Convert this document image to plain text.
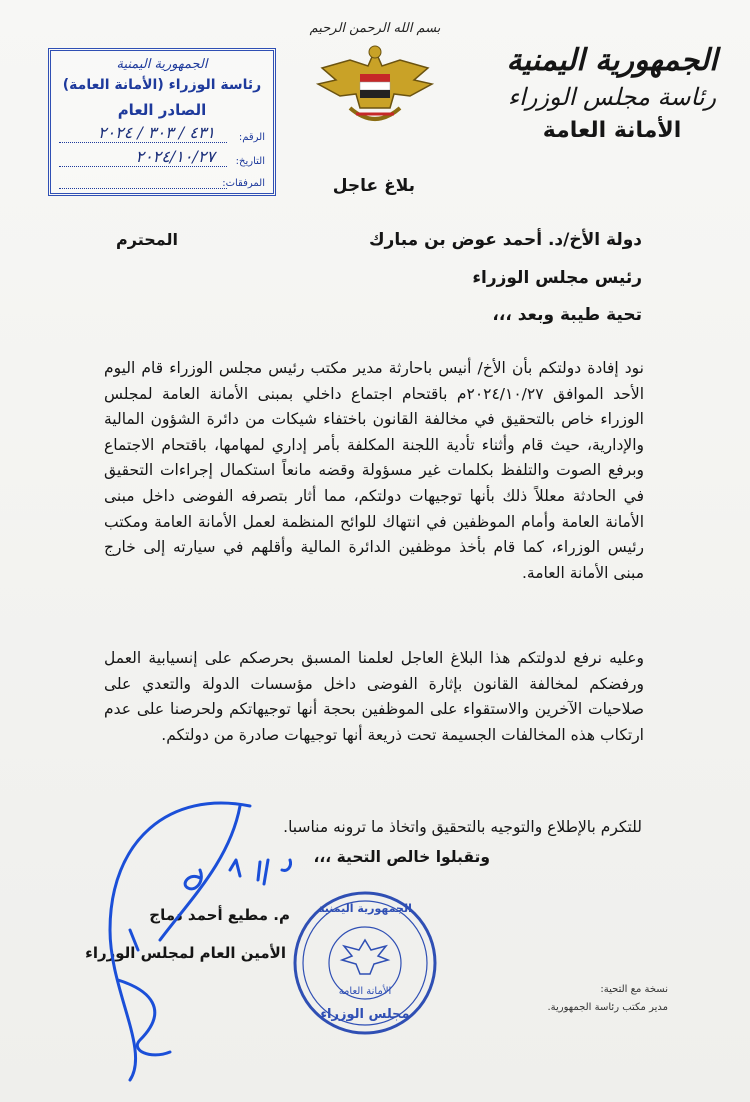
الجمهورية اليمنية
رئاسة مجلس الوزراء
الأمانة العامة
بسم الله الرحمن الرحيم
الجمهورية اليمنية
رئاسة الوزراء (الأمانة العامة)
الصادر العام
الرقم:
٤٣١ / ٣٠٣ / ٢٠٢٤
التاريخ:
٢٠٢٤/١٠/٢٧
المرفقات:	بلاغ عاجل
دولة الأخ/د. أحمد عوض بن مبارك
المحترم
رئيس مجلس الوزراء
تحية طيبة وبعد ،،،
نود إفادة دولتكم بأن الأخ/ أنيس باحارثة مدير مكتب رئيس مجلس الوزراء قام اليوم الأحد الموافق ٢٠٢٤/١٠/٢٧م باقتحام اجتماع داخلي بمبنى الأمانة العامة لمجلس الوزراء خاص بالتحقيق في مخالفة القانون باختفاء شيكات من دائرة الشؤون المالية والإدارية، حيث قام وأثناء تأدية اللجنة المكلفة بأمر إداري لمهامها، باقتحام الاجتماع وبرفع الصوت والتلفظ بكلمات غير مسؤولة وقضه مانعاً استكمال إجراءات التحقيق في الحادثة معللاً ذلك بأنها توجيهات دولتكم، مما أثار بتصرفه الفوضى داخل مبنى الأمانة العامة وأمام الموظفين في انتهاك للوائح المنظمة لعمل الأمانة العامة ومكتب رئيس الوزراء، كما قام بأخذ موظفين الدائرة المالية وأقلهم في سيارته إلى خارج مبنى الأمانة العامة.
وعليه نرفع لدولتكم هذا البلاغ العاجل لعلمنا المسبق بحرصكم على إنسيابية العمل ورفضكم لمخالفة القانون بإثارة الفوضى داخل مؤسسات الدولة والتعدي على صلاحيات الآخرين والاستقواء على الموظفين بحجة أنها توجيهاتكم ولحرصنا على عدم ارتكاب هذه المخالفات الجسيمة تحت ذريعة أنها توجيهات صادرة من دولتكم.
للتكرم بالإطلاع والتوجيه بالتحقيق واتخاذ ما ترونه مناسبا.
وتقبلوا خالص التحية ،،،
م. مطيع أحمد دماج
الأمين العام لمجلس الوزراء
نسخة مع التحية:
مدير مكتب رئاسة الجمهورية.
الجمهورية اليمنية
الأمانة العامة
مجلس الوزراء
